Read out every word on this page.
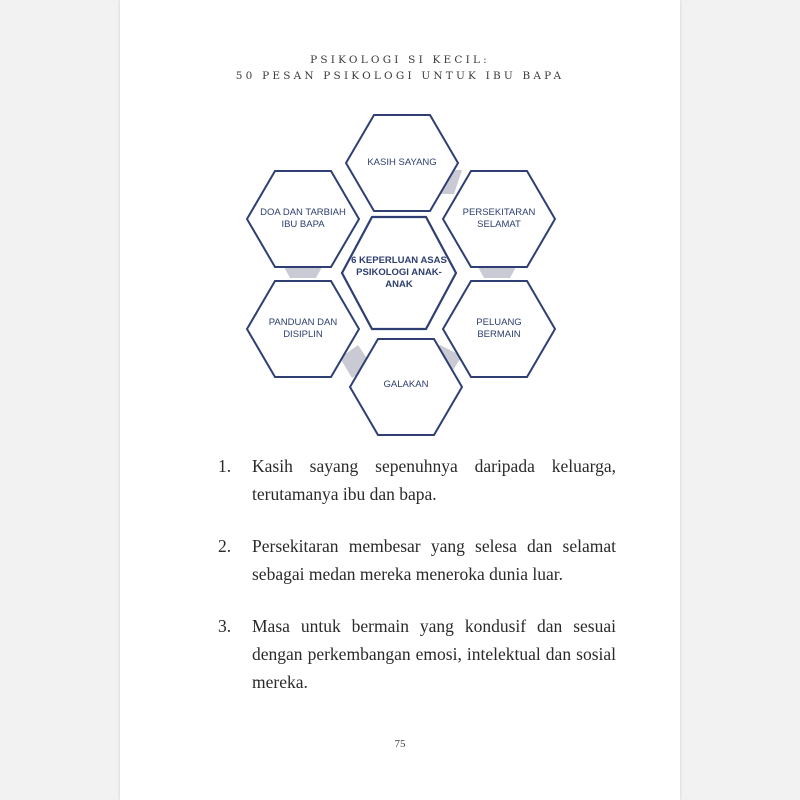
PSIKOLOGI SI KECIL:
50 PESAN PSIKOLOGI UNTUK IBU BAPA
KASIH SAYANG
PERSEKITARAN SELAMAT
PELUANG BERMAIN
GALAKAN
PANDUAN DAN DISIPLIN
DOA DAN TARBIAH IBU BAPA
6 KEPERLUAN ASAS PSIKOLOGI ANAK-ANAK
1. Kasih sayang sepenuhnya daripada keluarga, terutamanya ibu dan bapa.
2. Persekitaran membesar yang selesa dan selamat sebagai medan mereka meneroka dunia luar.
3. Masa untuk bermain yang kondusif dan sesuai dengan perkembangan emosi, intelektual dan sosial mereka.
75
